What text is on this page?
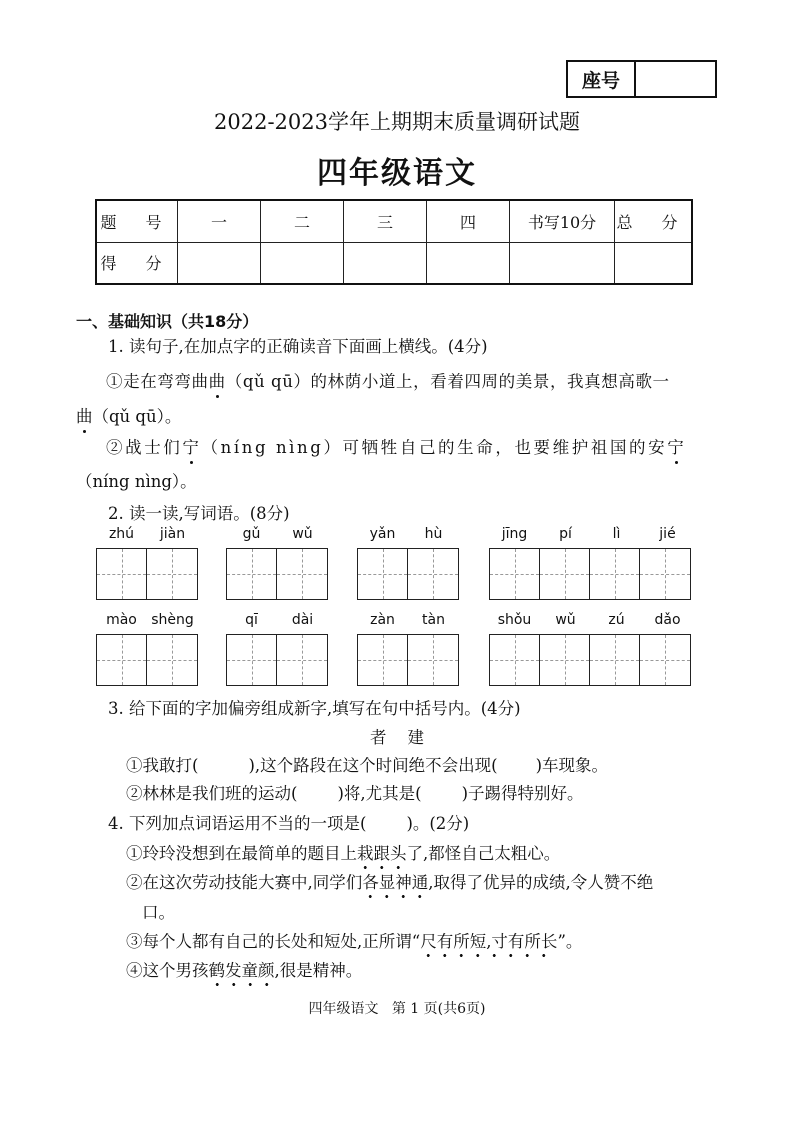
座号
2022-2023学年上期期末质量调研试题
四年级语文
题 号	一	二	三	四	书写10分	总 分
得 分						
一、基础知识（共18分）
1. 读句子,在加点字的正确读音下面画上横线。(4分)
①走在弯弯曲曲（qǔ qū）的林荫小道上，看着四周的美景，我真想高歌一
曲（qǔ qū）。
②战士们宁（níng nìng）可牺牲自己的生命，也要维护祖国的安宁
（níng nìng）。
2. 读一读,写词语。(8分)
zhú	jiàn	gǔ	wǔ	yǎn	hù	jīng	pí	lì	jié
mào	shèng	qī	dài	zàn	tàn	shǒu	wǔ	zú	dǎo
3. 给下面的字加偏旁组成新字,填写在句中括号内。(4分)
者    建
①我敢打(	),这个路段在这个时间绝不会出现( )车现象。
②林林是我们班的运动( )将,尤其是( )子踢得特别好。
4. 下列加点词语运用不当的一项是( )。(2分)
①玲玲没想到在最简单的题目上栽跟头了,都怪自己太粗心。
②在这次劳动技能大赛中,同学们各显神通,取得了优异的成绩,令人赞不绝
口。
③每个人都有自己的长处和短处,正所谓“尺有所短,寸有所长”。
④这个男孩鹤发童颜,很是精神。
四年级语文   第 1 页(共6页)
